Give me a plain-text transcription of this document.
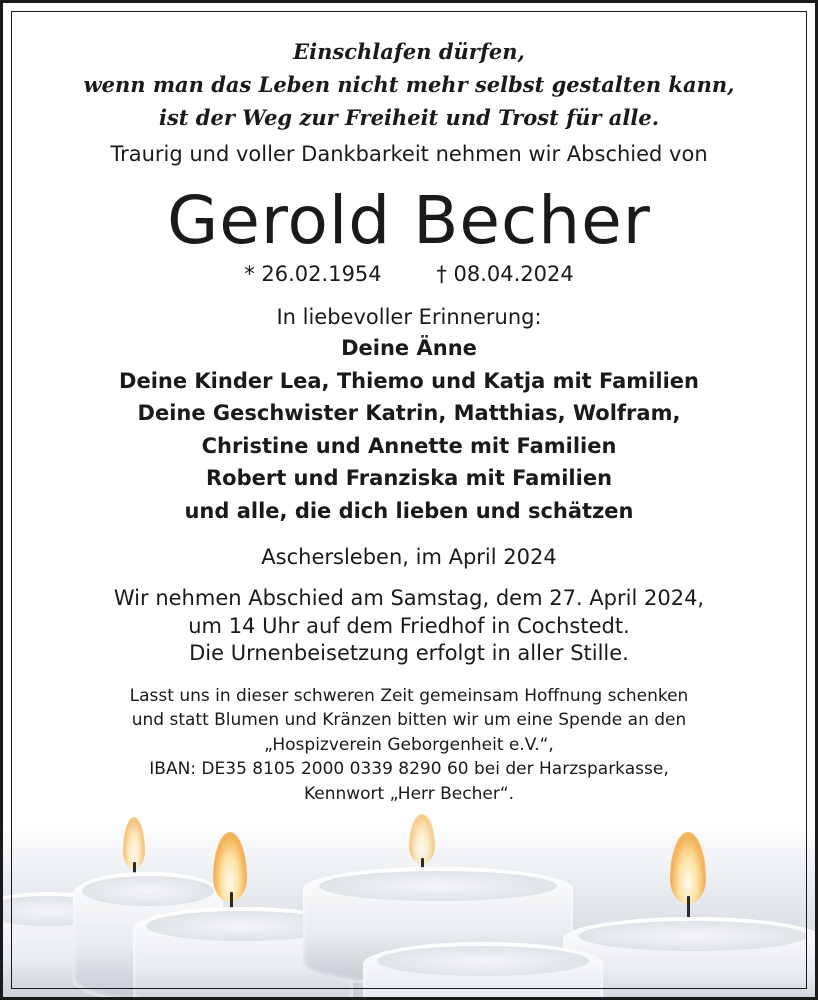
Einschlafen dürfen,
wenn man das Leben nicht mehr selbst gestalten kann,
ist der Weg zur Freiheit und Trost für alle.
Traurig und voller Dankbarkeit nehmen wir Abschied von
Gerold Becher
* 26.02.1954	† 08.04.2024
In liebevoller Erinnerung:
Deine Änne
Deine Kinder Lea, Thiemo und Katja mit Familien
Deine Geschwister Katrin, Matthias, Wolfram,
Christine und Annette mit Familien
Robert und Franziska mit Familien
und alle, die dich lieben und schätzen
Aschersleben, im April 2024
Wir nehmen Abschied am Samstag, dem 27. April 2024,
um 14 Uhr auf dem Friedhof in Cochstedt.
Die Urnenbeisetzung erfolgt in aller Stille.
Lasst uns in dieser schweren Zeit gemeinsam Hoffnung schenken
und statt Blumen und Kränzen bitten wir um eine Spende an den
„Hospizverein Geborgenheit e.V.“,
IBAN: DE35 8105 2000 0339 8290 60 bei der Harzsparkasse,
Kennwort „Herr Becher“.
